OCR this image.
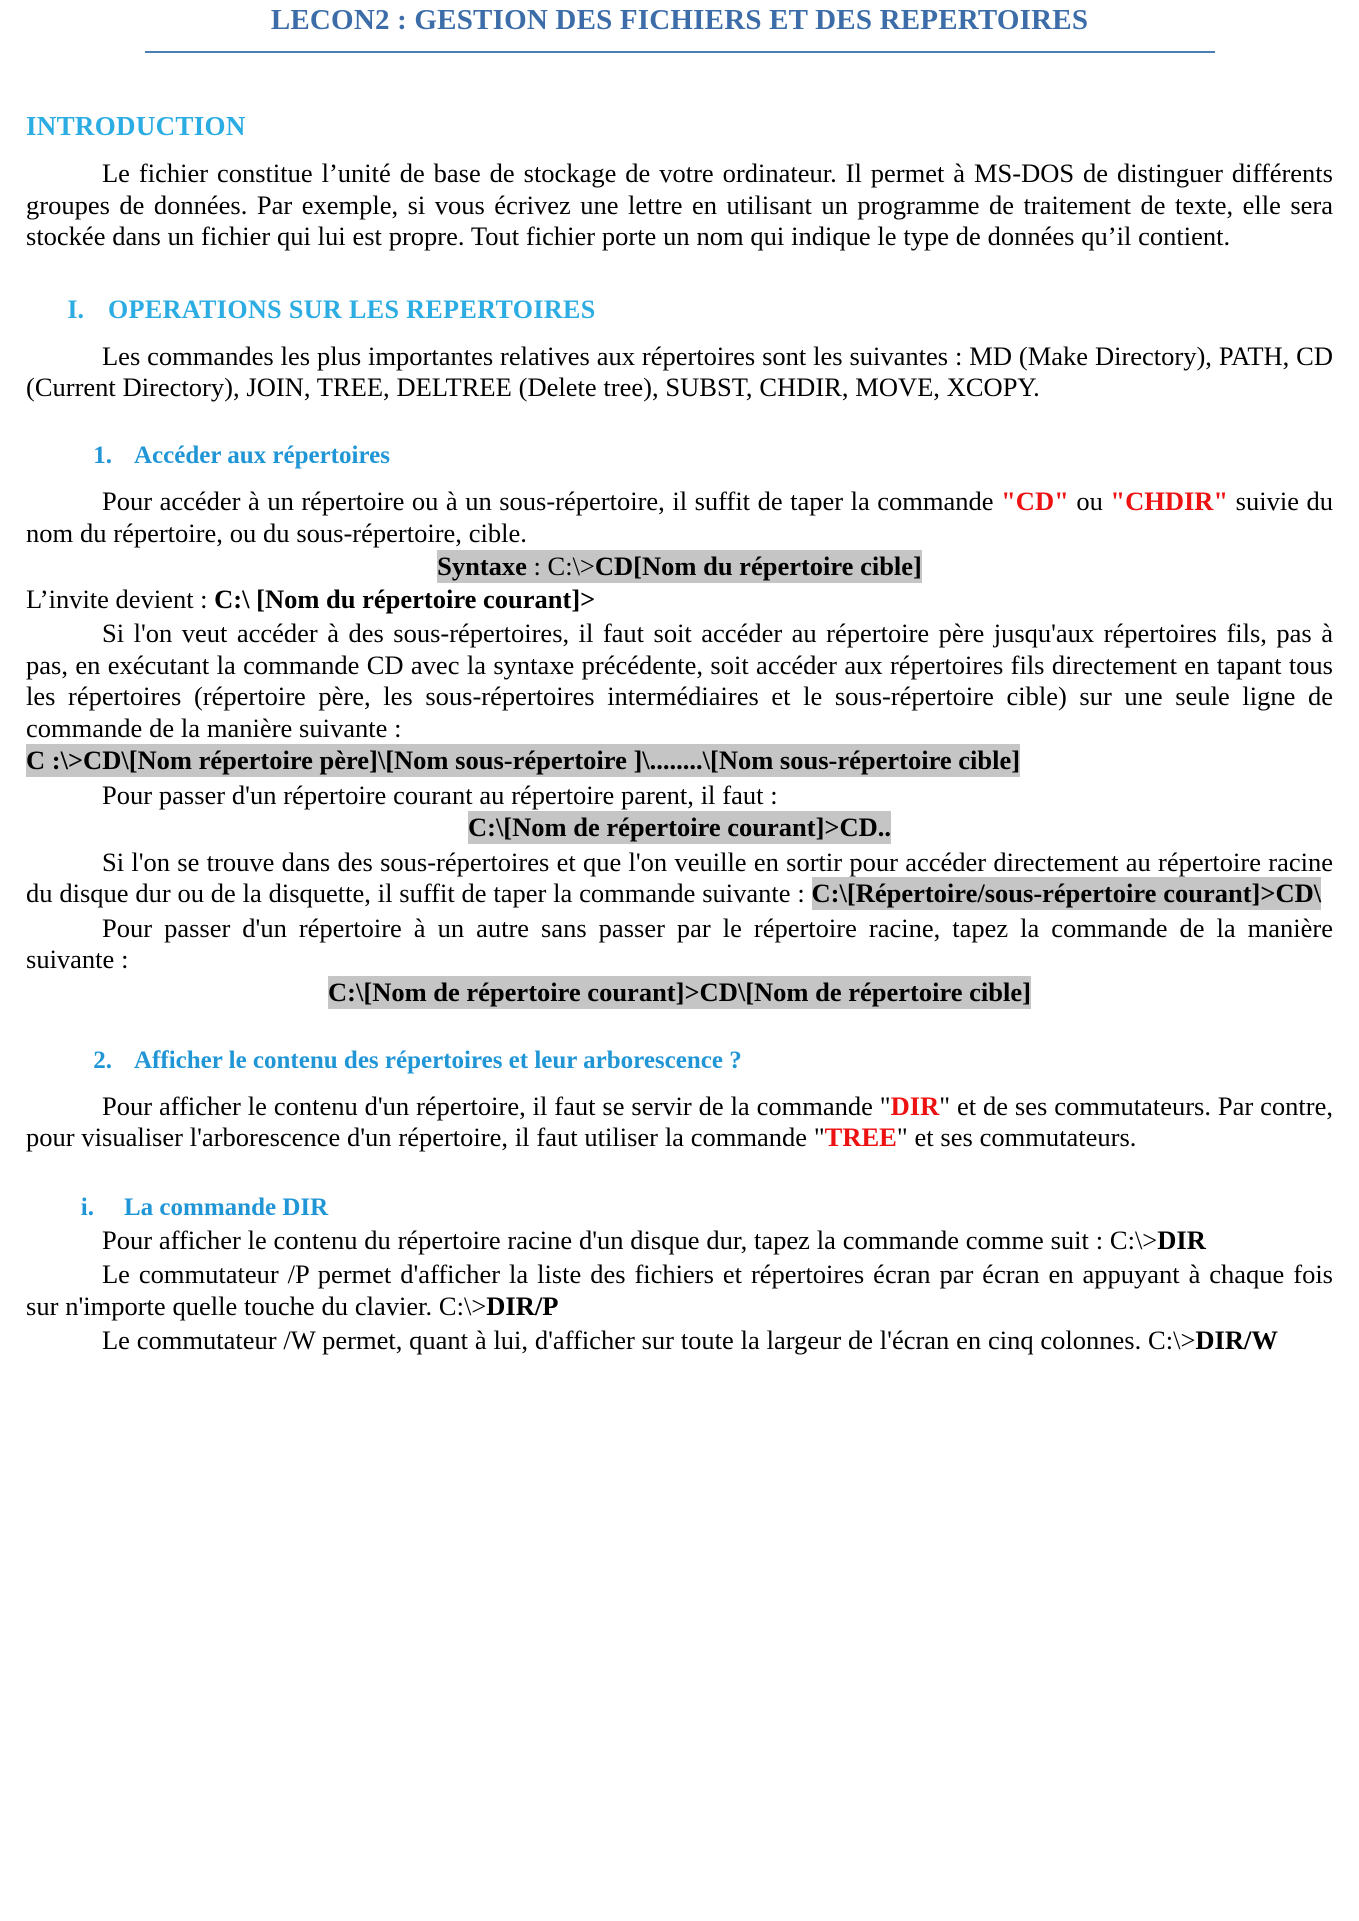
LECON2 : GESTION DES FICHIERS ET DES REPERTOIRES
INTRODUCTION

Le fichier constitue l’unité de base de stockage de votre ordinateur. Il permet à MS-DOS de distinguer différents groupes de données. Par exemple, si vous écrivez une lettre en utilisant un programme de traitement de texte, elle sera stockée dans un fichier qui lui est propre. Tout fichier porte un nom qui indique le type de données qu’il contient.

I. OPERATIONS SUR LES REPERTOIRES

Les commandes les plus importantes relatives aux répertoires sont les suivantes : MD (Make Directory), PATH, CD (Current Directory), JOIN, TREE, DELTREE (Delete tree), SUBST, CHDIR, MOVE, XCOPY.

1. Accéder aux répertoires

Pour accéder à un répertoire ou à un sous-répertoire, il suffit de taper la commande "CD" ou "CHDIR" suivie du nom du répertoire, ou du sous-répertoire, cible.

Syntaxe : C:\>CD[Nom du répertoire cible]

L’invite devient : C:\ [Nom du répertoire courant]>

Si l'on veut accéder à des sous-répertoires, il faut soit accéder au répertoire père jusqu'aux répertoires fils, pas à pas, en exécutant la commande CD avec la syntaxe précédente, soit accéder aux répertoires fils directement en tapant tous les répertoires (répertoire père, les sous-répertoires intermédiaires et le sous-répertoire cible) sur une seule ligne de commande de la manière suivante :

C :\>CD\[Nom répertoire père]\[Nom sous-répertoire ]\........\[Nom sous-répertoire cible]

Pour passer d'un répertoire courant au répertoire parent, il faut :

C:\[Nom de répertoire courant]>CD..

Si l'on se trouve dans des sous-répertoires et que l'on veuille en sortir pour accéder directement au répertoire racine du disque dur ou de la disquette, il suffit de taper la commande suivante : C:\[Répertoire/sous-répertoire courant]>CD\

Pour passer d'un répertoire à un autre sans passer par le répertoire racine, tapez la commande de la manière suivante :

C:\[Nom de répertoire courant]>CD\[Nom de répertoire cible]

2. Afficher le contenu des répertoires et leur arborescence ?

Pour afficher le contenu d'un répertoire, il faut se servir de la commande "DIR" et de ses commutateurs. Par contre, pour visualiser l'arborescence d'un répertoire, il faut utiliser la commande "TREE" et ses commutateurs.

i. La commande DIR

Pour afficher le contenu du répertoire racine d'un disque dur, tapez la commande comme suit : C:\>DIR

Le commutateur /P permet d'afficher la liste des fichiers et répertoires écran par écran en appuyant à chaque fois sur n'importe quelle touche du clavier. C:\>DIR/P

Le commutateur /W permet, quant à lui, d'afficher sur toute la largeur de l'écran en cinq colonnes. C:\>DIR/W
